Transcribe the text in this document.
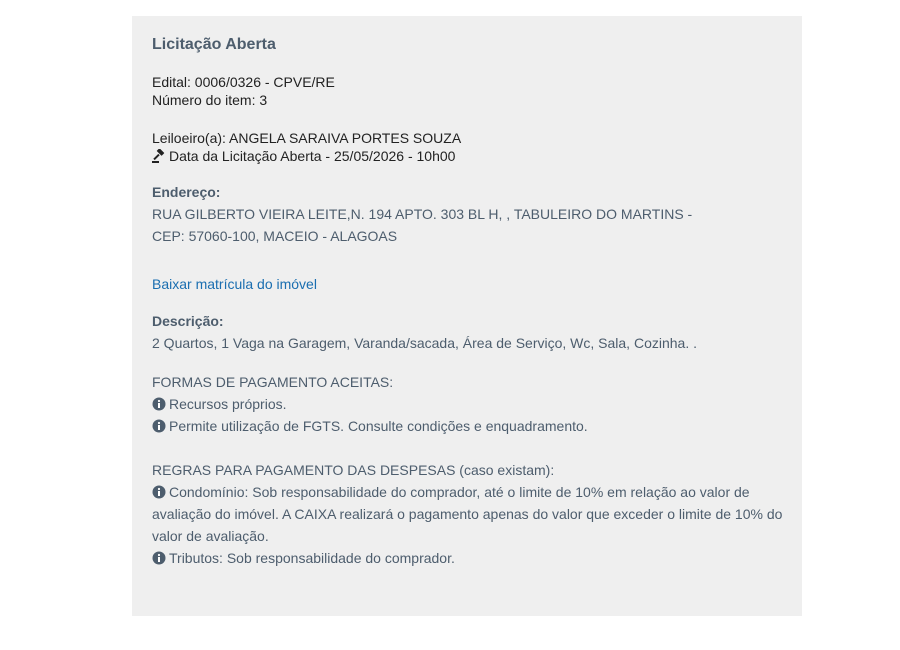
Licitação Aberta
Edital: 0006/0326 - CPVE/RE
Número do item: 3
Leiloeiro(a): ANGELA SARAIVA PORTES SOUZA
Data da Licitação Aberta - 25/05/2026 - 10h00
Endereço:
RUA GILBERTO VIEIRA LEITE,N. 194 APTO. 303 BL H, , TABULEIRO DO MARTINS -
CEP: 57060-100, MACEIO - ALAGOAS
Baixar matrícula do imóvel
Descrição:
2 Quartos, 1 Vaga na Garagem, Varanda/sacada, Área de Serviço, Wc, Sala, Cozinha. .
FORMAS DE PAGAMENTO ACEITAS:
Recursos próprios.
Permite utilização de FGTS. Consulte condições e enquadramento.
REGRAS PARA PAGAMENTO DAS DESPESAS (caso existam):
Condomínio: Sob responsabilidade do comprador, até o limite de 10% em relação ao valor de avaliação do imóvel. A CAIXA realizará o pagamento apenas do valor que exceder o limite de 10% do valor de avaliação.
Tributos: Sob responsabilidade do comprador.
